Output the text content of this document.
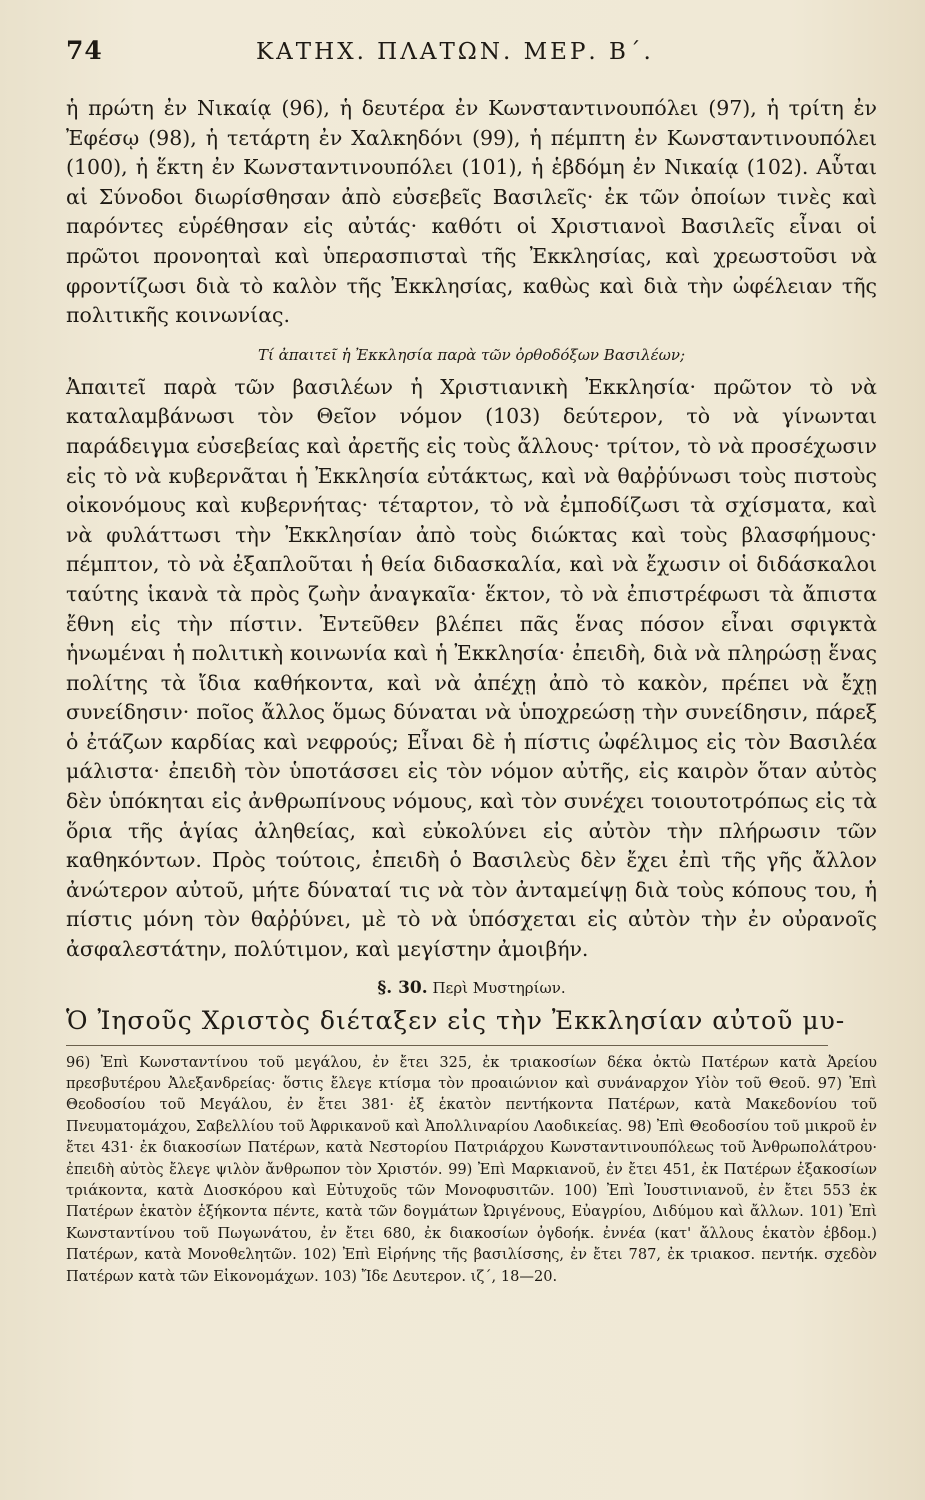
74	ΚΑΤΗΧ. ΠΛΑΤΩΝ. ΜΕΡ. Β΄.

ἡ πρώτη ἐν Νικαίᾳ (96), ἡ δευτέρα ἐν Κωνσταντινουπόλει (97), ἡ τρίτη ἐν Ἐφέσῳ (98), ἡ τετάρτη ἐν Χαλκηδόνι (99), ἡ πέμπτη ἐν Κωνσταντινουπόλει (100), ἡ ἕκτη ἐν Κωνσταντινουπόλει (101), ἡ ἑβδόμη ἐν Νικαίᾳ (102). Αὗται αἱ Σύνοδοι διωρίσθησαν ἀπὸ εὐσεβεῖς Βασιλεῖς· ἐκ τῶν ὁποίων τινὲς καὶ παρόντες εὑρέθησαν εἰς αὐτάς· καθότι οἱ Χριστιανοὶ Βασιλεῖς εἶναι οἱ πρῶτοι προνοηταὶ καὶ ὑπερασπισταὶ τῆς Ἐκκλησίας, καὶ χρεωστοῦσι νὰ φροντίζωσι διὰ τὸ καλὸν τῆς Ἐκκλησίας, καθὼς καὶ διὰ τὴν ὠφέλειαν τῆς πολιτικῆς κοινωνίας.

Τί ἀπαιτεῖ ἡ Ἐκκλησία παρὰ τῶν ὀρθοδόξων Βασιλέων;

Ἀπαιτεῖ παρὰ τῶν βασιλέων ἡ Χριστιανικὴ Ἐκκλησία· πρῶτον τὸ νὰ καταλαμβάνωσι τὸν Θεῖον νόμον (103) δεύτερον, τὸ νὰ γίνωνται παράδειγμα εὐσεβείας καὶ ἀρετῆς εἰς τοὺς ἄλλους· τρίτον, τὸ νὰ προσέχωσιν εἰς τὸ νὰ κυβερνᾶται ἡ Ἐκκλησία εὐτάκτως, καὶ νὰ θαῤῥύνωσι τοὺς πιστοὺς οἰκονόμους καὶ κυβερνήτας· τέταρτον, τὸ νὰ ἐμποδίζωσι τὰ σχίσματα, καὶ νὰ φυλάττωσι τὴν Ἐκκλησίαν ἀπὸ τοὺς διώκτας καὶ τοὺς βλασφήμους· πέμπτον, τὸ νὰ ἐξαπλοῦται ἡ θεία διδασκαλία, καὶ νὰ ἔχωσιν οἱ διδάσκαλοι ταύτης ἱκανὰ τὰ πρὸς ζωὴν ἀναγκαῖα· ἕκτον, τὸ νὰ ἐπιστρέφωσι τὰ ἄπιστα ἔθνη εἰς τὴν πίστιν. Ἐντεῦθεν βλέπει πᾶς ἕνας πόσον εἶναι σφιγκτὰ ἡνωμέναι ἡ πολιτικὴ κοινωνία καὶ ἡ Ἐκκλησία· ἐπειδὴ, διὰ νὰ πληρώσῃ ἕνας πολίτης τὰ ἴδια καθήκοντα, καὶ νὰ ἀπέχῃ ἀπὸ τὸ κακὸν, πρέπει νὰ ἔχῃ συνείδησιν· ποῖος ἄλλος ὅμως δύναται νὰ ὑποχρεώσῃ τὴν συνείδησιν, πάρεξ ὁ ἐτάζων καρδίας καὶ νεφρούς; Εἶναι δὲ ἡ πίστις ὠφέλιμος εἰς τὸν Βασιλέα μάλιστα· ἐπειδὴ τὸν ὑποτάσσει εἰς τὸν νόμον αὐτῆς, εἰς καιρὸν ὅταν αὐτὸς δὲν ὑπόκηται εἰς ἀνθρωπίνους νόμους, καὶ τὸν συνέχει τοιουτοτρόπως εἰς τὰ ὅρια τῆς ἁγίας ἀληθείας, καὶ εὐκολύνει εἰς αὐτὸν τὴν πλήρωσιν τῶν καθηκόντων. Πρὸς τούτοις, ἐπειδὴ ὁ Βασιλεὺς δὲν ἔχει ἐπὶ τῆς γῆς ἄλλον ἀνώτερον αὐτοῦ, μήτε δύναταί τις νὰ τὸν ἀνταμείψῃ διὰ τοὺς κόπους του, ἡ πίστις μόνη τὸν θαῤῥύνει, μὲ τὸ νὰ ὑπόσχεται εἰς αὐτὸν τὴν ἐν οὐρανοῖς ἀσφαλεστάτην, πολύτιμον, καὶ μεγίστην ἀμοιβήν.

§. 30. Περὶ Μυστηρίων.
Ὁ Ἰησοῦς Χριστὸς διέταξεν εἰς τὴν Ἐκκλησίαν αὐτοῦ μυ-

96) Ἐπὶ Κωνσταντίνου τοῦ μεγάλου, ἐν ἔτει 325, ἐκ τριακοσίων δέκα ὀκτὼ Πατέρων κατὰ Ἀρείου πρεσβυτέρου Ἀλεξανδρείας· ὅστις ἔλεγε κτίσμα τὸν προαιώνιον καὶ συνάναρχον Υἱὸν τοῦ Θεοῦ. 97) Ἐπὶ Θεοδοσίου τοῦ Μεγάλου, ἐν ἔτει 381· ἐξ ἑκατὸν πεντήκοντα Πατέρων, κατὰ Μακεδονίου τοῦ Πνευματομάχου, Σαβελλίου τοῦ Ἀφρικανοῦ καὶ Ἀπολλιναρίου Λαοδικείας. 98) Ἐπὶ Θεοδοσίου τοῦ μικροῦ ἐν ἔτει 431· ἐκ διακοσίων Πατέρων, κατὰ Νεστορίου Πατριάρχου Κωνσταντινουπόλεως τοῦ Ἀνθρωπολάτρου· ἐπειδὴ αὐτὸς ἔλεγε ψιλὸν ἄνθρωπον τὸν Χριστόν. 99) Ἐπὶ Μαρκιανοῦ, ἐν ἔτει 451, ἐκ Πατέρων ἑξακοσίων τριάκοντα, κατὰ Διοσκόρου καὶ Εὐτυχοῦς τῶν Μονοφυσιτῶν. 100) Ἐπὶ Ἰουστινιανοῦ, ἐν ἔτει 553 ἐκ Πατέρων ἑκατὸν ἑξήκοντα πέντε, κατὰ τῶν δογμάτων Ὠριγένους, Εὐαγρίου, Διδύμου καὶ ἄλλων. 101) Ἐπὶ Κωνσταντίνου τοῦ Πωγωνάτου, ἐν ἔτει 680, ἐκ διακοσίων ὀγδοήκ. ἐννέα (κατ' ἄλλους ἑκατὸν ἑβδομ.) Πατέρων, κατὰ Μονοθελητῶν. 102) Ἐπὶ Εἰρήνης τῆς βασιλίσσης, ἐν ἔτει 787, ἐκ τριακοσ. πεντήκ. σχεδὸν Πατέρων κατὰ τῶν Εἰκονομάχων. 103) Ἴδε Δευτερον. ιζ΄, 18—20.
